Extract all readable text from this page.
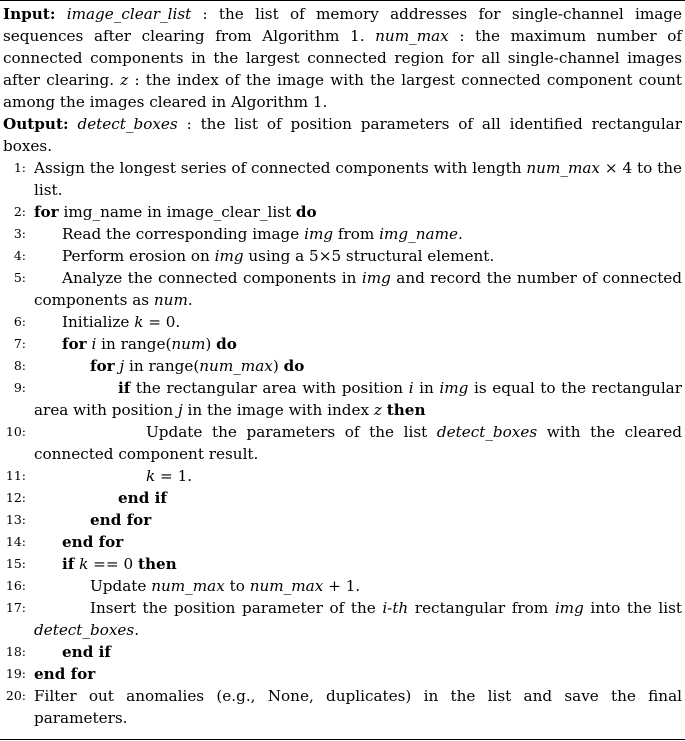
Input: image_clear_list : the list of memory addresses for single-channel image sequences after clearing from Algorithm 1. num_max : the maximum number of connected components in the largest connected region for all single-channel images after clearing. z : the index of the image with the largest connected component count among the images cleared in Algorithm 1.
Output: detect_boxes : the list of position parameters of all identified rectangular boxes.
1: Assign the longest series of connected components with length num_max × 4 to the list.
2: for img_name in image_clear_list do
3: Read the corresponding image img from img_name.
4: Perform erosion on img using a 5×5 structural element.
5: Analyze the connected components in img and record the number of connected components as num.
6: Initialize k = 0.
7: for i in range(num) do
8:	for j in range(num_max) do
9:	if the rectangular area with position i in img is equal to the rectangular area with position j in the image with index z then
10:	Update the parameters of the list detect_boxes with the cleared connected component result.
11:	k = 1.
12:	end if
13:	end for
14: end for
15: if k == 0 then
16:	Update num_max to num_max + 1.
17:	Insert the position parameter of the i-th rectangular from img into the list detect_boxes.
18: end if
19: end for
20: Filter out anomalies (e.g., None, duplicates) in the list and save the final parameters.
